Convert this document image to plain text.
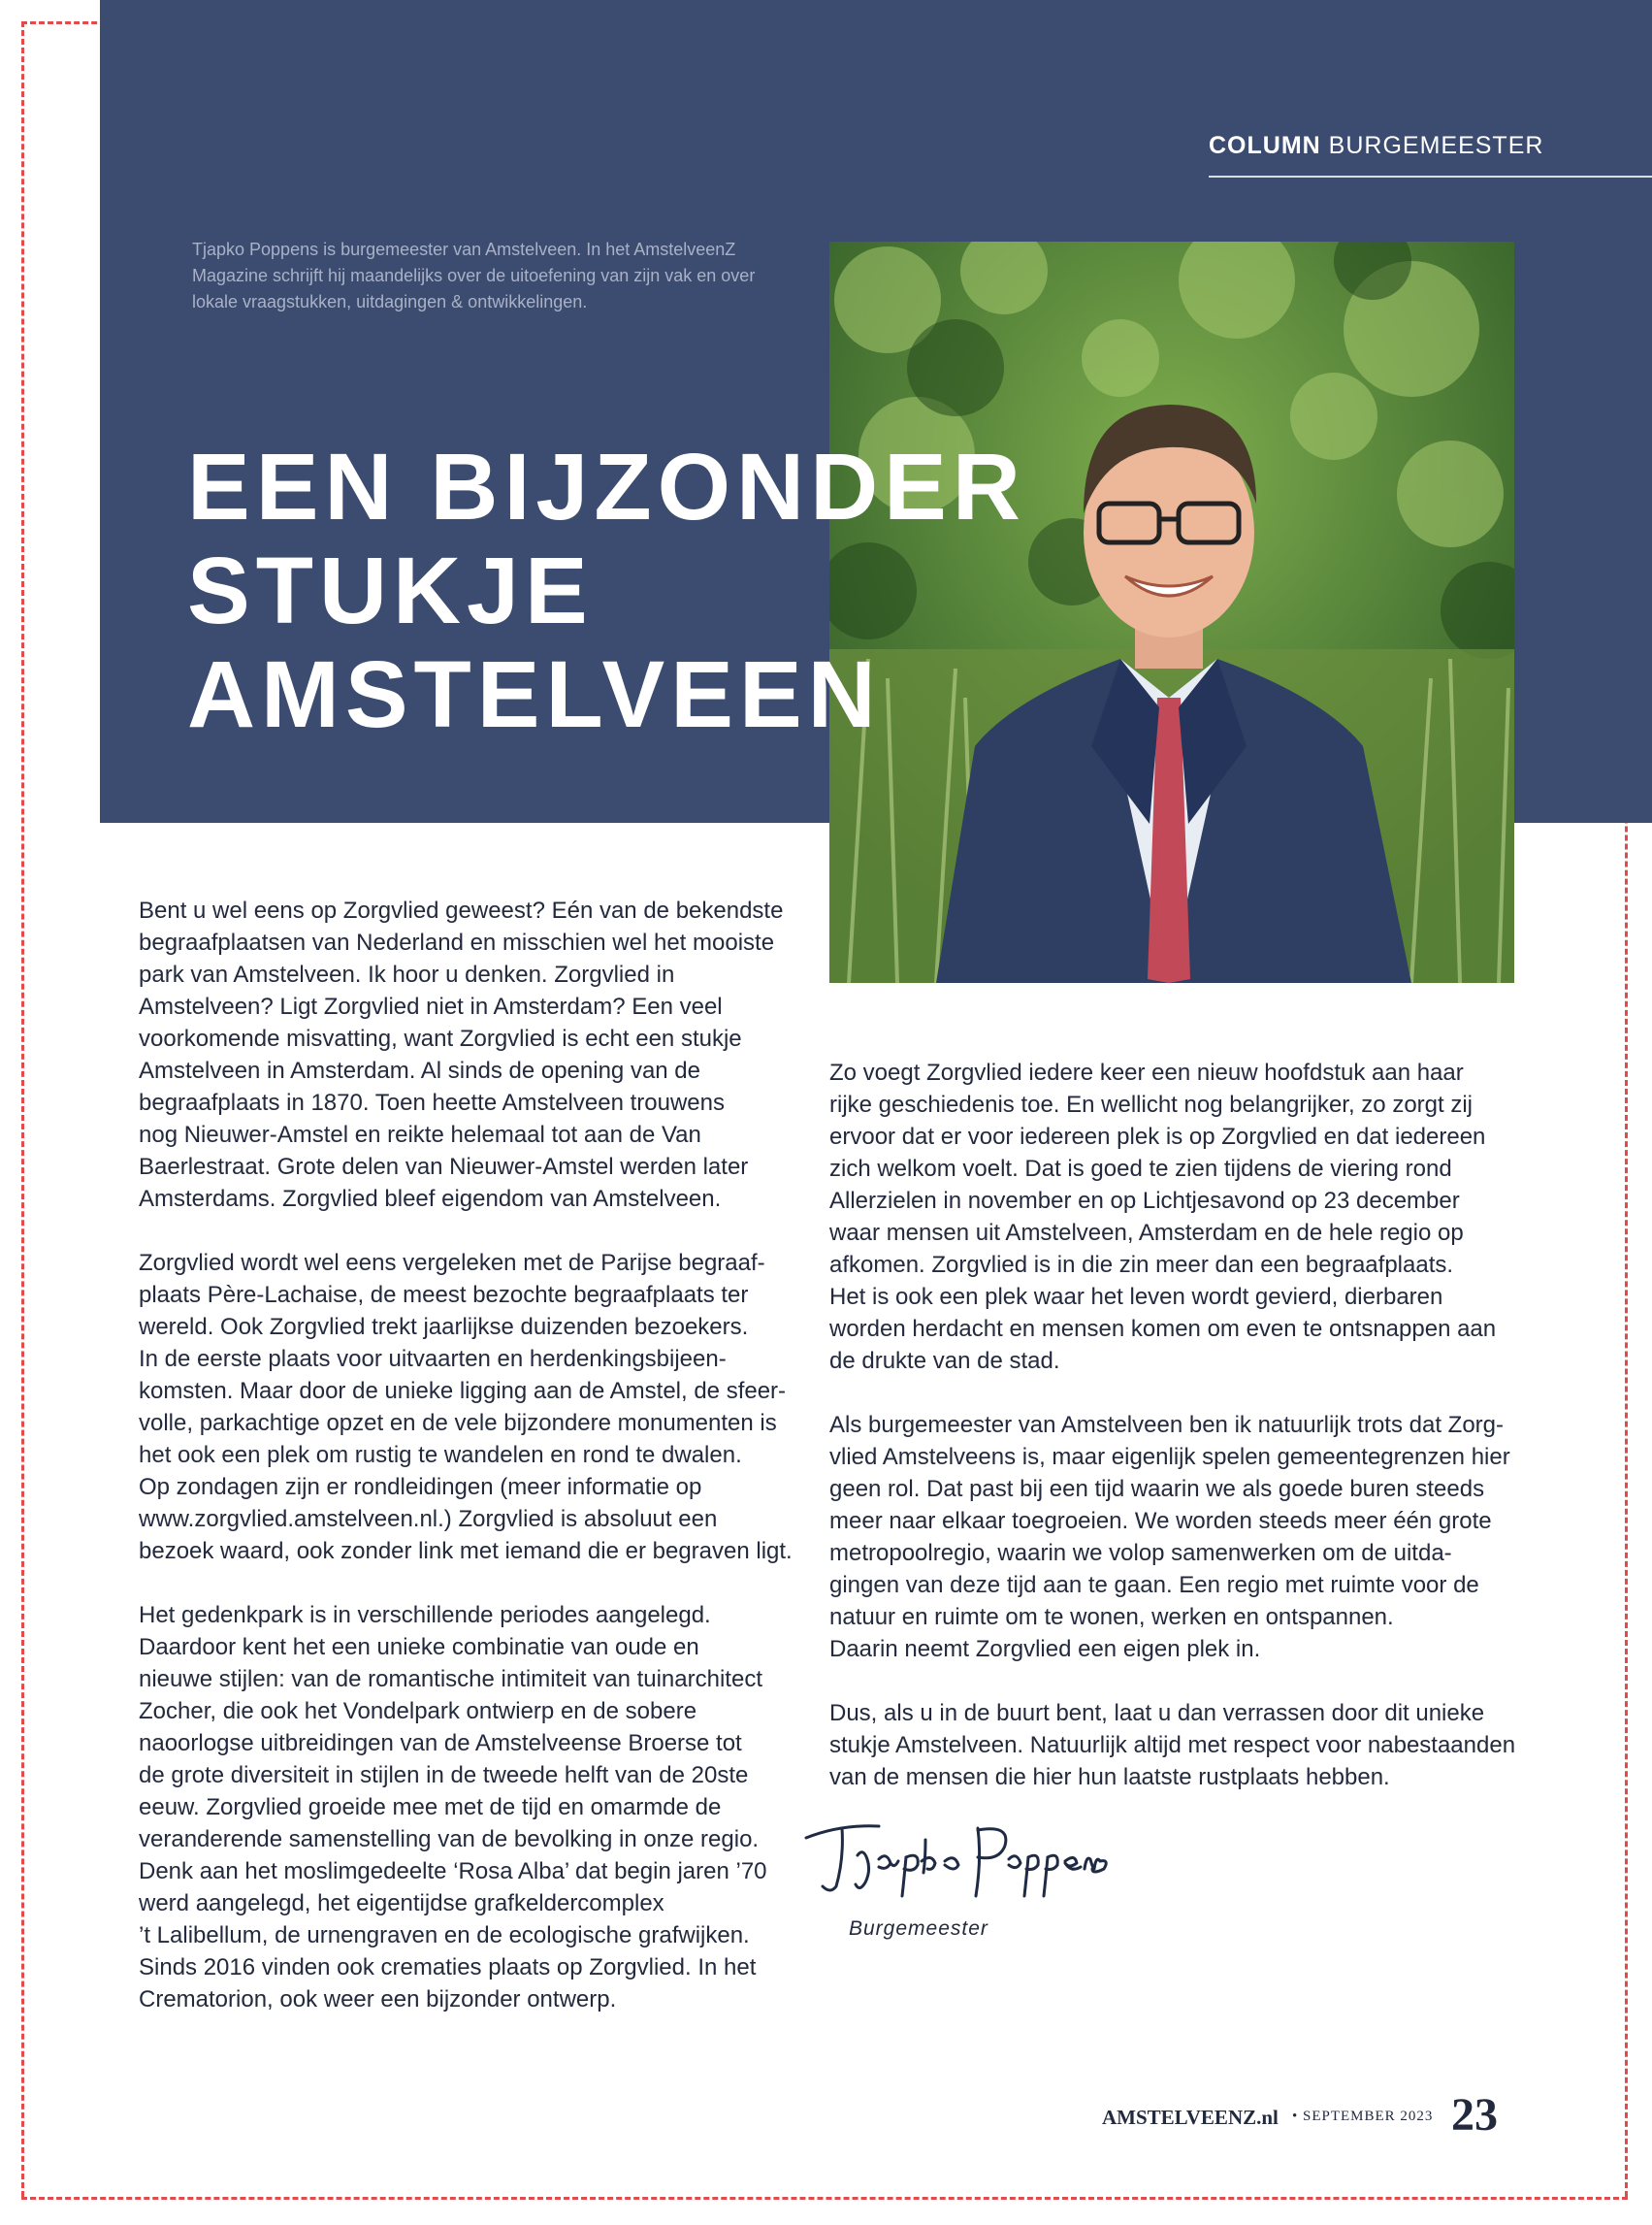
COLUMN BURGEMEESTER

Tjapko Poppens is burgemeester van Amstelveen. In het AmstelveenZ Magazine schrijft hij maandelijks over de uitoefening van zijn vak en over lokale vraagstukken, uitdagingen & ontwikkelingen.

EEN BIJZONDER
STUKJE
AMSTELVEEN

Bent u wel eens op Zorgvlied geweest? Eén van de bekendste
begraafplaatsen van Nederland en misschien wel het mooiste
park van Amstelveen. Ik hoor u denken. Zorgvlied in
Amstelveen? Ligt Zorgvlied niet in Amsterdam? Een veel
voorkomende misvatting, want Zorgvlied is echt een stukje
Amstelveen in Amsterdam. Al sinds de opening van de
begraafplaats in 1870. Toen heette Amstelveen trouwens
nog Nieuwer-Amstel en reikte helemaal tot aan de Van
Baerlestraat. Grote delen van Nieuwer-Amstel werden later
Amsterdams. Zorgvlied bleef eigendom van Amstelveen.

Zorgvlied wordt wel eens vergeleken met de Parijse begraaf-
plaats Père-Lachaise, de meest bezochte begraafplaats ter
wereld. Ook Zorgvlied trekt jaarlijkse duizenden bezoekers.
In de eerste plaats voor uitvaarten en herdenkingsbijeen-
komsten. Maar door de unieke ligging aan de Amstel, de sfeer-
volle, parkachtige opzet en de vele bijzondere monumenten is
het ook een plek om rustig te wandelen en rond te dwalen.
Op zondagen zijn er rondleidingen (meer informatie op
www.zorgvlied.amstelveen.nl.) Zorgvlied is absoluut een
bezoek waard, ook zonder link met iemand die er begraven ligt.

Het gedenkpark is in verschillende periodes aangelegd.
Daardoor kent het een unieke combinatie van oude en
nieuwe stijlen: van de romantische intimiteit van tuinarchitect
Zocher, die ook het Vondelpark ontwierp en de sobere
naoorlogse uitbreidingen van de Amstelveense Broerse tot
de grote diversiteit in stijlen in de tweede helft van de 20ste
eeuw. Zorgvlied groeide mee met de tijd en omarmde de
veranderende samenstelling van de bevolking in onze regio.
Denk aan het moslimgedeelte ‘Rosa Alba’ dat begin jaren ’70
werd aangelegd, het eigentijdse grafkeldercomplex
’t Lalibellum, de urnengraven en de ecologische grafwijken.
Sinds 2016 vinden ook crematies plaats op Zorgvlied. In het
Crematorion, ook weer een bijzonder ontwerp.

Zo voegt Zorgvlied iedere keer een nieuw hoofdstuk aan haar
rijke geschiedenis toe. En wellicht nog belangrijker, zo zorgt zij
ervoor dat er voor iedereen plek is op Zorgvlied en dat iedereen
zich welkom voelt. Dat is goed te zien tijdens de viering rond
Allerzielen in november en op Lichtjesavond op 23 december
waar mensen uit Amstelveen, Amsterdam en de hele regio op
afkomen. Zorgvlied is in die zin meer dan een begraafplaats.
Het is ook een plek waar het leven wordt gevierd, dierbaren
worden herdacht en mensen komen om even te ontsnappen aan
de drukte van de stad.

Als burgemeester van Amstelveen ben ik natuurlijk trots dat Zorg-
vlied Amstelveens is, maar eigenlijk spelen gemeentegrenzen hier
geen rol. Dat past bij een tijd waarin we als goede buren steeds
meer naar elkaar toegroeien. We worden steeds meer één grote
metropoolregio, waarin we volop samenwerken om de uitda-
gingen van deze tijd aan te gaan. Een regio met ruimte voor de
natuur en ruimte om te wonen, werken en ontspannen.
Daarin neemt Zorgvlied een eigen plek in.

Dus, als u in de buurt bent, laat u dan verrassen door dit unieke
stukje Amstelveen. Natuurlijk altijd met respect voor nabestaanden
van de mensen die hier hun laatste rustplaats hebben.

Burgemeester
AMSTELVEENZ.nl • SEPTEMBER 2023 23
